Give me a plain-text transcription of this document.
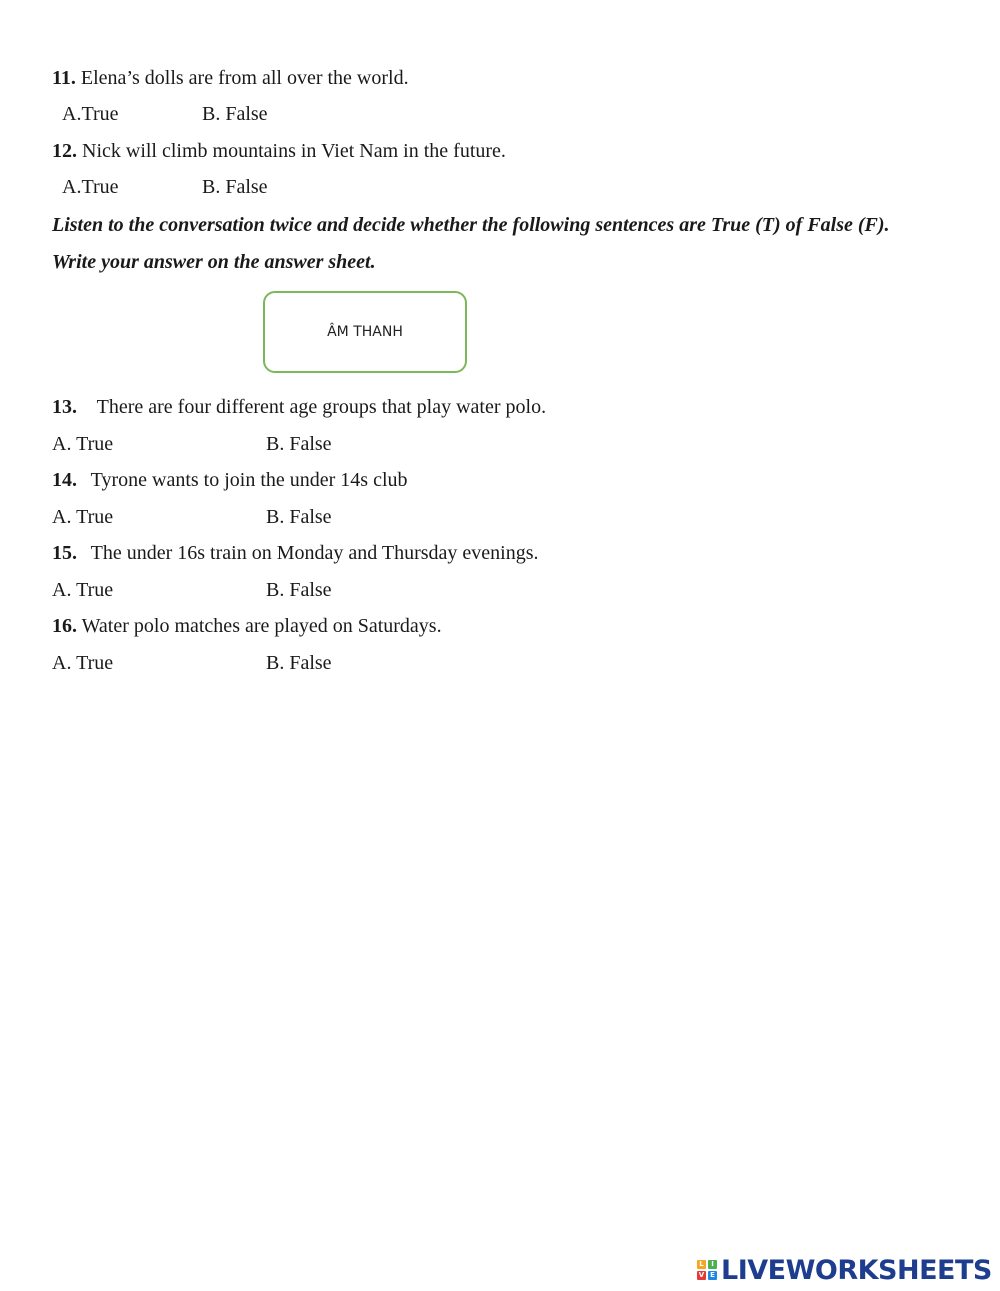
11. Elena’s dolls are from all over the world.
A.True	B. False
12. Nick will climb mountains in Viet Nam in the future.
A.True	B. False
Listen to the conversation twice and decide whether the following sentences are True (T) of False (F).
Write your answer on the answer sheet.
ÂM THANH
13. There are four different age groups that play water polo.
A. True	B. False
14. Tyrone wants to join the under 14s club
A. True	B. False
15. The under 16s train on Monday and Thursday evenings.
A. True	B. False
16. Water polo matches are played on Saturdays.
A. True	B. False
L	I
V E LIVEWORKSHEETS
